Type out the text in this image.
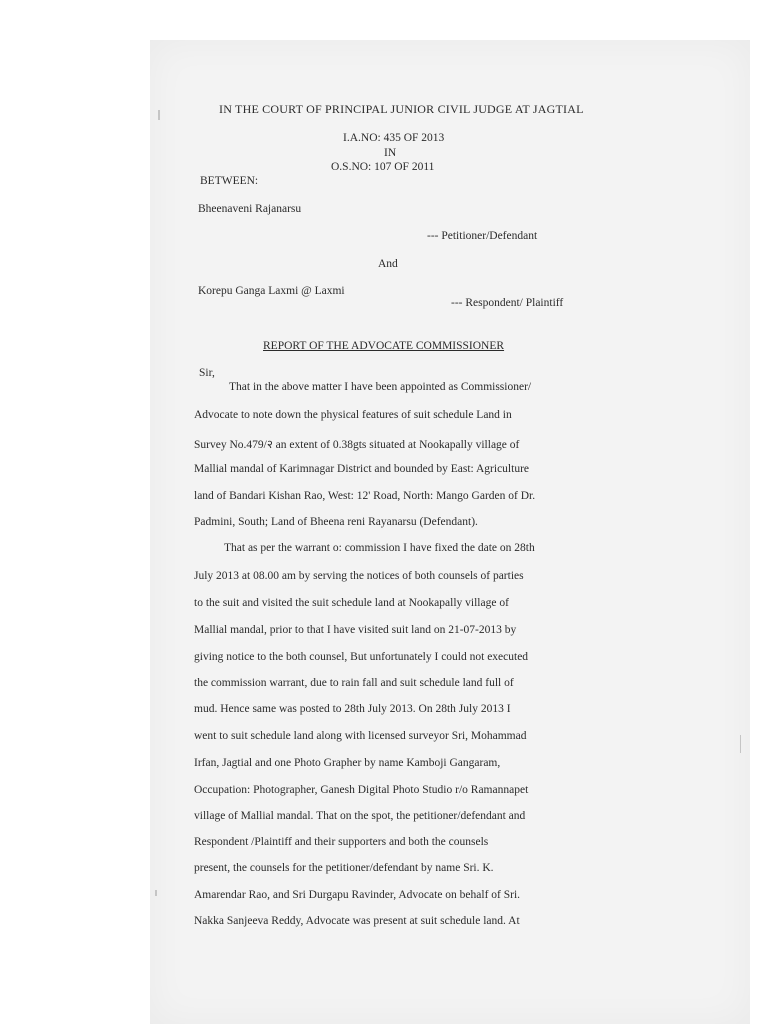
IN THE COURT OF PRINCIPAL JUNIOR CIVIL JUDGE AT JAGTIAL
I.A.NO: 435 OF 2013
IN
O.S.NO: 107 OF 2011
BETWEEN:
Bheenaveni Rajanarsu
--- Petitioner/Defendant
And
Korepu Ganga Laxmi @ Laxmi
--- Respondent/ Plaintiff
REPORT OF THE ADVOCATE COMMISSIONER
Sir,
That in the above matter I have been appointed as Commissioner/
Advocate to note down the physical features of suit schedule Land in
Survey No.479/२ an extent of 0.38gts situated at Nookapally village of
Mallial mandal of Karimnagar District and bounded by East: Agriculture
land of Bandari Kishan Rao, West: 12' Road, North: Mango Garden of Dr.
Padmini, South; Land of Bheena reni Rayanarsu (Defendant).
That as per the warrant o: commission I have fixed the date on 28th
July 2013 at 08.00 am by serving the notices of both counsels of parties
to the suit and visited the suit schedule land at Nookapally village of
Mallial mandal, prior to that I have visited suit land on 21-07-2013 by
giving notice to the both counsel, But unfortunately I could not executed
the commission warrant, due to rain fall and suit schedule land full of
mud. Hence same was posted to 28th July 2013. On 28th July 2013 I
went to suit schedule land along with licensed surveyor Sri, Mohammad
Irfan, Jagtial and one Photo Grapher by name Kamboji Gangaram,
Occupation: Photographer, Ganesh Digital Photo Studio r/o Ramannapet
village of Mallial mandal. That on the spot, the petitioner/defendant and
Respondent /Plaintiff and their supporters and both the counsels
present, the counsels for the petitioner/defendant by name Sri. K.
Amarendar Rao, and Sri Durgapu Ravinder, Advocate on behalf of Sri.
Nakka Sanjeeva Reddy, Advocate was present at suit schedule land. At
